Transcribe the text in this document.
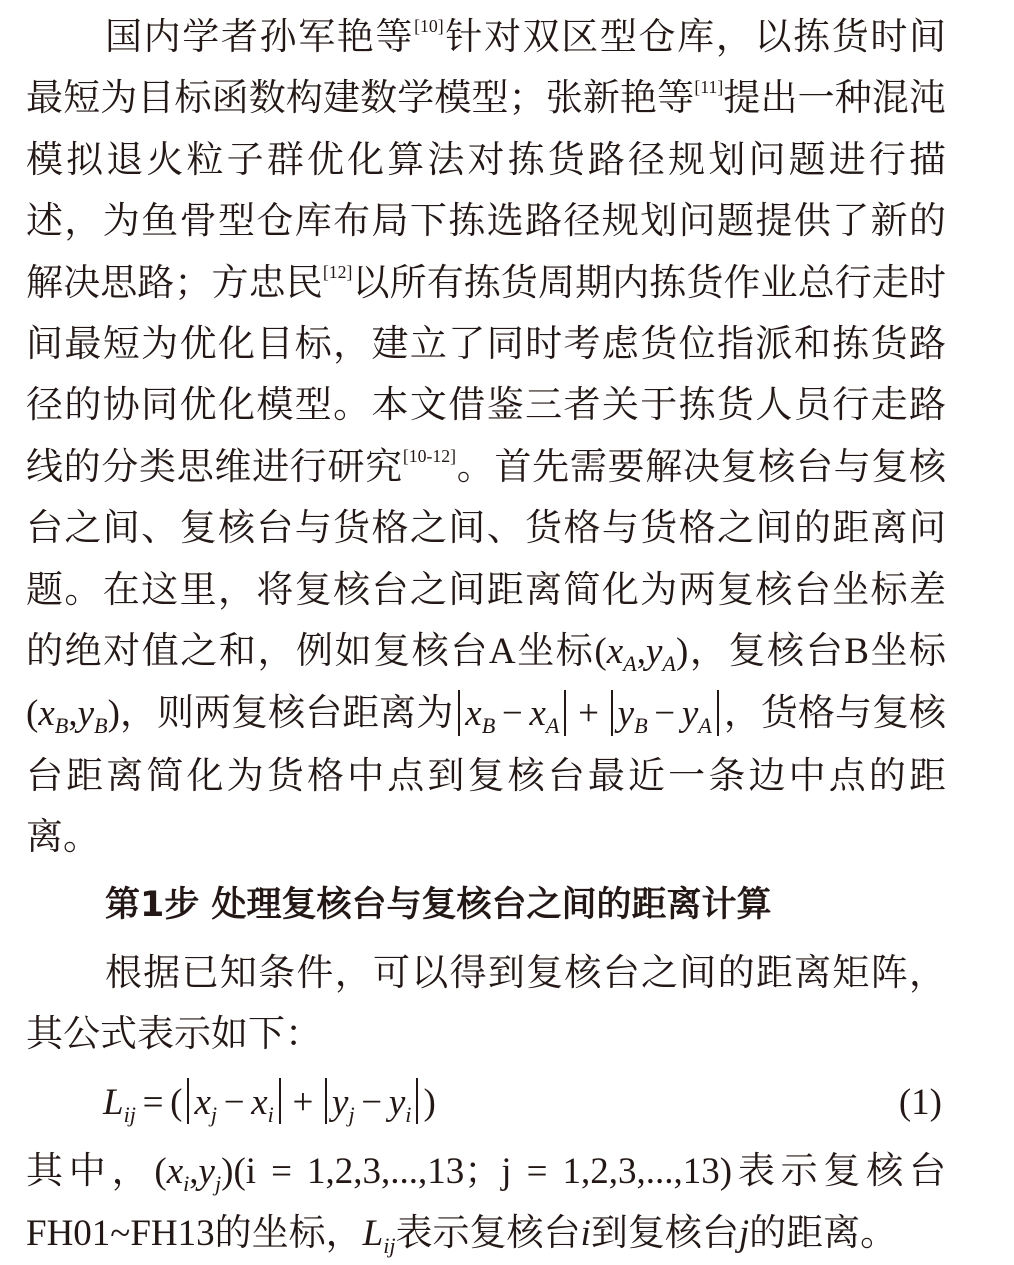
国内学者孙军艳等[10]针对双区型仓库，以拣货时间最短为目标函数构建数学模型；张新艳等[11]提出一种混沌模拟退火粒子群优化算法对拣货路径规划问题进行描述，为鱼骨型仓库布局下拣选路径规划问题提供了新的解决思路；方忠民[12]以所有拣货周期内拣货作业总行走时间最短为优化目标，建立了同时考虑货位指派和拣货路径的协同优化模型。本文借鉴三者关于拣货人员行走路线的分类思维进行研究[10-12]。首先需要解决复核台与复核台之间、复核台与货格之间、货格与货格之间的距离问题。在这里，将复核台之间距离简化为两复核台坐标差的绝对值之和，例如复核台A坐标$(x_A,y_A)$，复核台B坐标$(x_B,y_B)$，则两复核台距离为 $x_B - x_A + y_B - y_A$ ，货格与复核台距离简化为货格中点到复核台最近一条边中点的距离。
第1步 处理复核台与复核台之间的距离计算
根据已知条件，可以得到复核台之间的距离矩阵，其公式表示如下：
$L_{ij}$ = ( $x_j - x_i + y_j - y_i$ )	(1)
其中，$(x_i,y_j)(i = 1,2,3,...,13$；j = 1,2,3,...,13)表示复核台FH01~FH13的坐标，$L_{ij}$表示复核台i到复核台j的距离。
